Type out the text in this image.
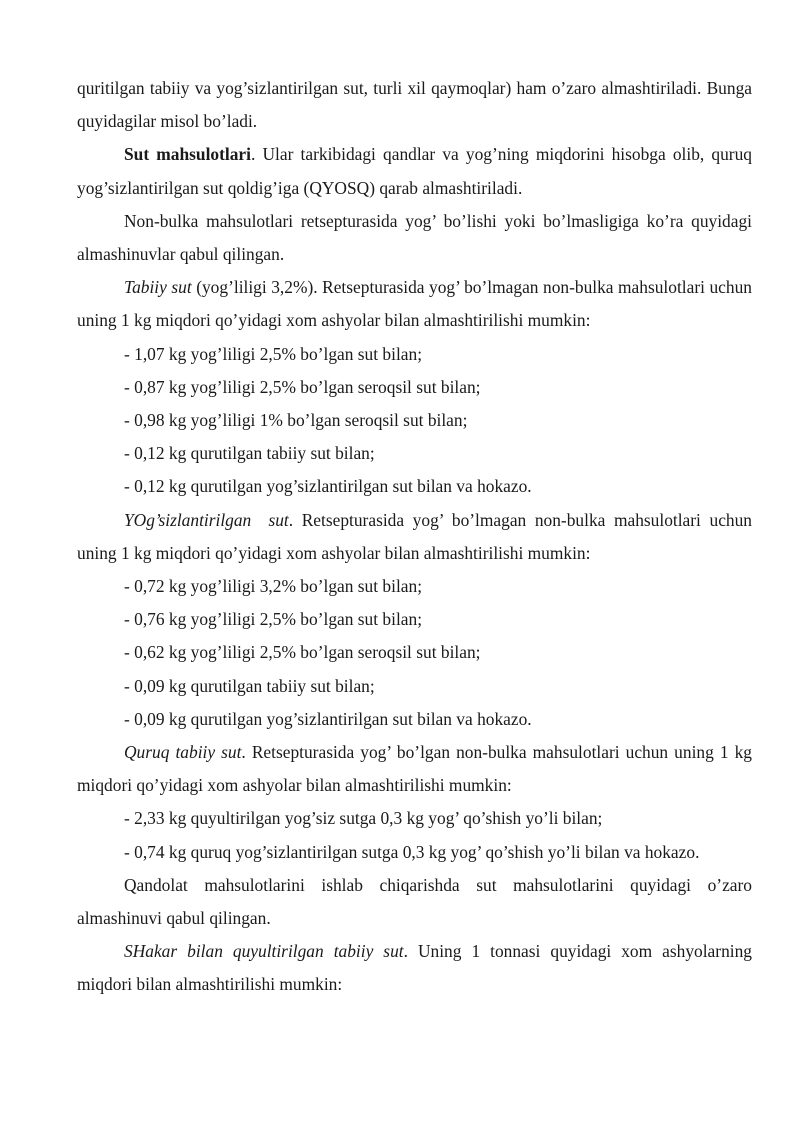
quritilgan tabiiy va yog’sizlantirilgan sut, turli xil qaymoqlar) ham o’zaro almashtiriladi. Bunga quyidagilar misol bo’ladi.

Sut mahsulotlari. Ular tarkibidagi qandlar va yog’ning miqdorini hisobga olib, quruq yog’sizlantirilgan sut qoldig’iga (QYOSQ) qarab almashtiriladi.

Non-bulka mahsulotlari retsepturasida yog’ bo’lishi yoki bo’lmasligiga ko’ra quyidagi almashinuvlar qabul qilingan.

Tabiiy sut (yog’liligi 3,2%). Retsepturasida yog’ bo’lmagan non-bulka mahsulotlari uchun uning 1 kg miqdori qo’yidagi xom ashyolar bilan almashtirilishi mumkin:

- 1,07 kg yog’liligi 2,5% bo’lgan sut bilan;

- 0,87 kg yog’liligi 2,5% bo’lgan seroqsil sut bilan;

- 0,98 kg yog’liligi 1% bo’lgan seroqsil sut bilan;

- 0,12 kg qurutilgan tabiiy sut bilan;

- 0,12 kg qurutilgan yog’sizlantirilgan sut bilan va hokazo.

YOg’sizlantirilgan  sut. Retsepturasida yog’ bo’lmagan non-bulka mahsulotlari uchun uning 1 kg miqdori qo’yidagi xom ashyolar bilan almashtirilishi mumkin:

- 0,72 kg yog’liligi 3,2% bo’lgan sut bilan;

- 0,76 kg yog’liligi 2,5% bo’lgan sut bilan;

- 0,62 kg yog’liligi 2,5% bo’lgan seroqsil sut bilan;

- 0,09 kg qurutilgan tabiiy sut bilan;

- 0,09 kg qurutilgan yog’sizlantirilgan sut bilan va hokazo.

Quruq tabiiy sut. Retsepturasida yog’ bo’lgan non-bulka mahsulotlari uchun uning 1 kg miqdori qo’yidagi xom ashyolar bilan almashtirilishi mumkin:

- 2,33 kg quyultirilgan yog’siz sutga 0,3 kg yog’ qo’shish yo’li bilan;

- 0,74 kg quruq yog’sizlantirilgan sutga 0,3 kg yog’ qo’shish yo’li bilan va hokazo.

Qandolat mahsulotlarini ishlab chiqarishda sut mahsulotlarini quyidagi o’zaro almashinuvi qabul qilingan.

SHakar bilan quyultirilgan tabiiy sut. Uning 1 tonnasi quyidagi xom ashyolarning miqdori bilan almashtirilishi mumkin:
